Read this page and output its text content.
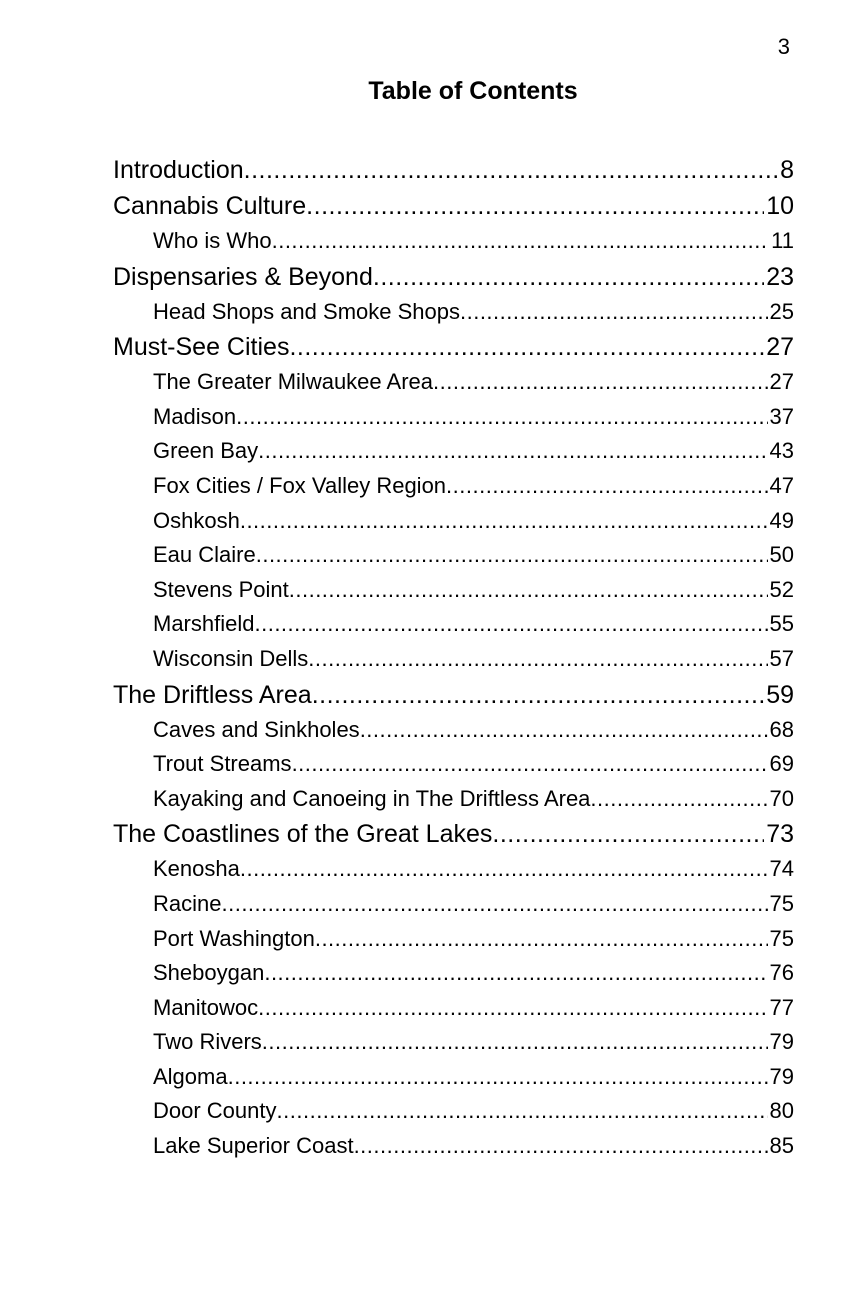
3
Table of Contents
Introduction .....	8
Cannabis Culture .....	10
Who is Who .....	11
Dispensaries & Beyond .....	23
Head Shops and Smoke Shops .....	25
Must-See Cities .....	27
The Greater Milwaukee Area .....	27
Madison .....	37
Green Bay .....	43
Fox Cities / Fox Valley Region .....	47
Oshkosh .....	49
Eau Claire .....	50
Stevens Point .....	52
Marshfield .....	55
Wisconsin Dells .....	57
The Driftless Area .....	59
Caves and Sinkholes .....	68
Trout Streams .....	69
Kayaking and Canoeing in The Driftless Area .....	70
The Coastlines of the Great Lakes .....	73
Kenosha .....	74
Racine .....	75
Port Washington .....	75
Sheboygan .....	76
Manitowoc .....	77
Two Rivers .....	79
Algoma .....	79
Door County .....	80
Lake Superior Coast .....	85
